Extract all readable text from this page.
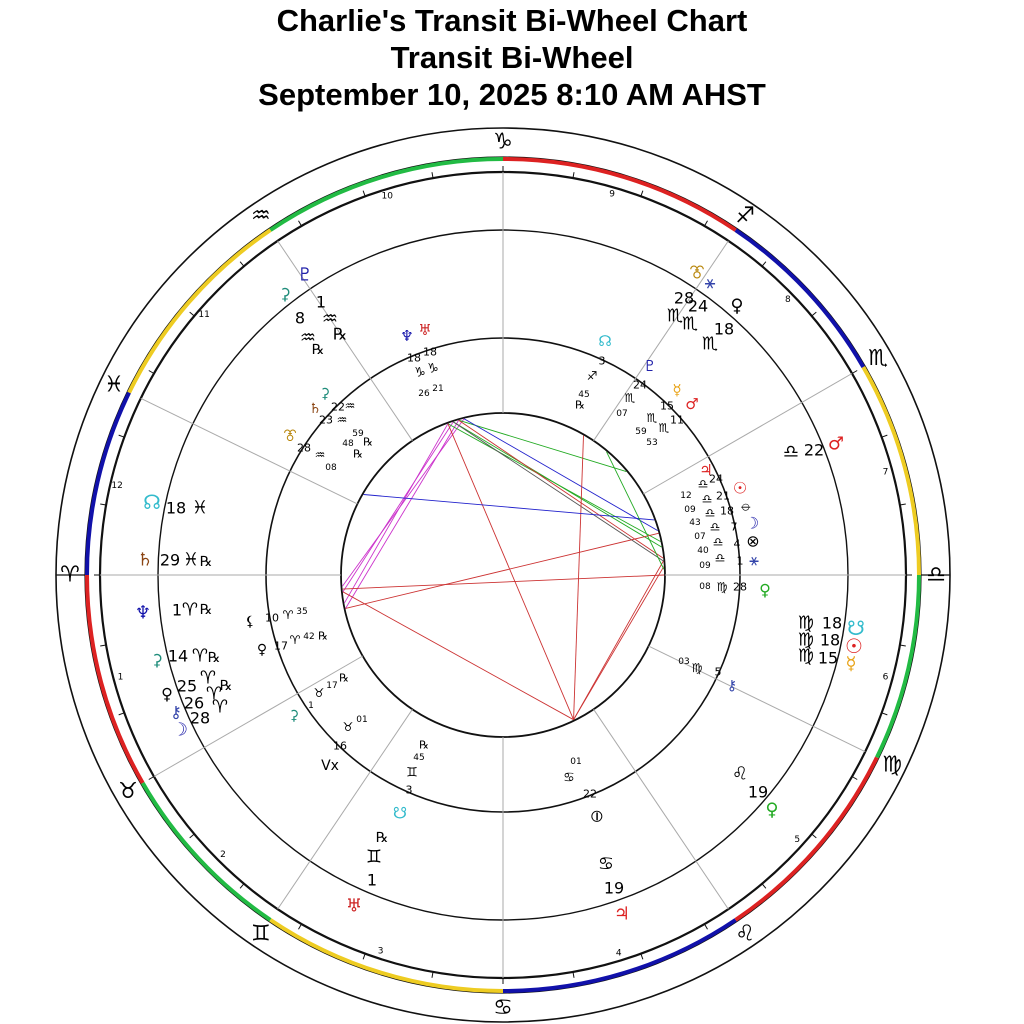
Charlie's Transit Bi-Wheel Chart
Transit Bi-Wheel
September 10, 2025 8:10 AM AHST
♑
♒
♓
♈
♉
♊
♋
♌
♍
♎
♏
♐
1
2
3	4
5
6
7
8
9
10
11
12
♇
⚳ 1
8 ♒
♒ ℞
℞
⯔
⚹
28
24 ♀
♏
♏ 18
♏
♎ 22 ♂
☊ 18 ♓
♄ 29 ♓ ℞
♆ 1 ♈ ℞
⚳ 14 ♈ ℞
♀ 25 ♈ ℞
26 ♈
⚷ 28
♈
☽
♍ 18 ☋
♍ 18 ☉
♍ 15 ☿
♌
19
♀
♋
19
♃
℞
♊
1
♅
♆ ♅
18 18
♑ ♑
26 21
☊
3
♐
45
℞
♇
24 ☿
♏
15 ♂
07 ♏ 11
♏
59
53
⚳
♄ 22 ♒
23 ♒
59
48 ℞
℞
⯔
28 ♒
08	♃
24
♎ ☉
12 ♎ 21 ⦵
09 ♎ 18
☽
43 ♎ 7
⊗
07 ♎ 4
40 ♎ 1 ⚹
09
08 ♍ 28 ♀
⚸ 10 ♈ 35
♀ 17 ♈ 42 ℞
♉ 17
℞
1
⚳
♉ 01
16
Vx
℞
45
♊
3
☋
♍
03
5
⚷
01
♋
22
⦶
